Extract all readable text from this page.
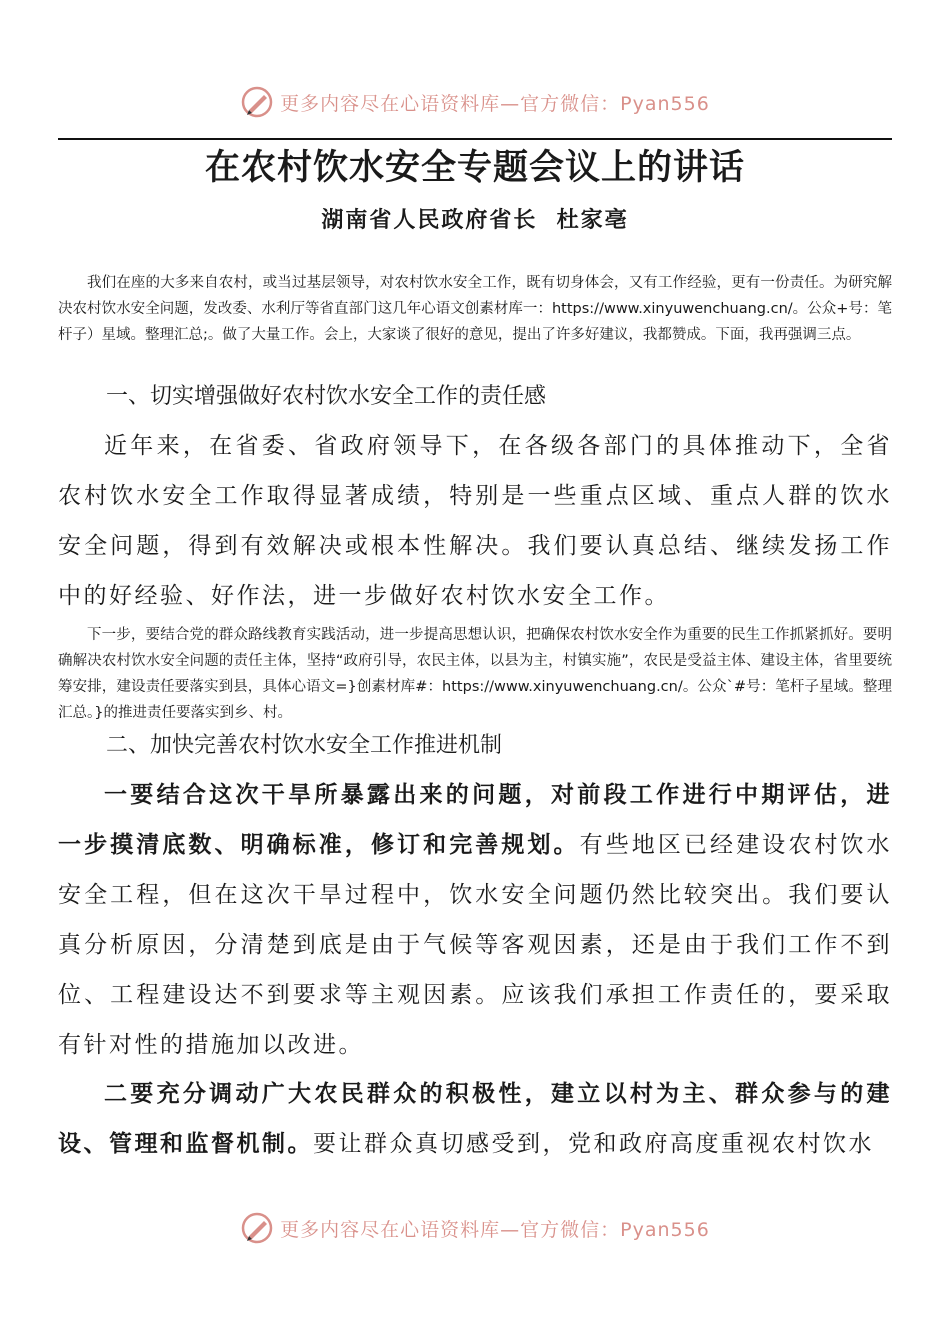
更多内容尽在心语资料库—官方微信：Pyan556
在农村饮水安全专题会议上的讲话
湖南省人民政府省长  杜家亳

我们在座的大多来自农村，或当过基层领导，对农村饮水安全工作，既有切身体会，又有工作经验，更有一份责任。为研究解决农村饮水安全问题，发改委、水利厅等省直部门这几年心语文创素材库一：https://www.xinyuwenchuang.cn/。公众+号：笔杆子）星域。整理汇总;。做了大量工作。会上，大家谈了很好的意见，提出了许多好建议，我都赞成。下面，我再强调三点。

一、切实增强做好农村饮水安全工作的责任感

近年来，在省委、省政府领导下，在各级各部门的具体推动下，全省农村饮水安全工作取得显著成绩，特别是一些重点区域、重点人群的饮水安全问题，得到有效解决或根本性解决。我们要认真总结、继续发扬工作中的好经验、好作法，进一步做好农村饮水安全工作。

下一步，要结合党的群众路线教育实践活动，进一步提高思想认识，把确保农村饮水安全作为重要的民生工作抓紧抓好。要明确解决农村饮水安全问题的责任主体，坚持“政府引导，农民主体，以县为主，村镇实施”，农民是受益主体、建设主体，省里要统筹安排，建设责任要落实到县，具体心语文=}创素材库#：https://www.xinyuwenchuang.cn/。公众`#号：笔杆子星域。整理汇总。}的推进责任要落实到乡、村。

二、加快完善农村饮水安全工作推进机制

一要结合这次干旱所暴露出来的问题，对前段工作进行中期评估，进一步摸清底数、明确标准，修订和完善规划。有些地区已经建设农村饮水安全工程，但在这次干旱过程中，饮水安全问题仍然比较突出。我们要认真分析原因，分清楚到底是由于气候等客观因素，还是由于我们工作不到位、工程建设达不到要求等主观因素。应该我们承担工作责任的，要采取有针对性的措施加以改进。

二要充分调动广大农民群众的积极性，建立以村为主、群众参与的建设、管理和监督机制。要让群众真切感受到，党和政府高度重视农村饮水

更多内容尽在心语资料库—官方微信：Pyan556
